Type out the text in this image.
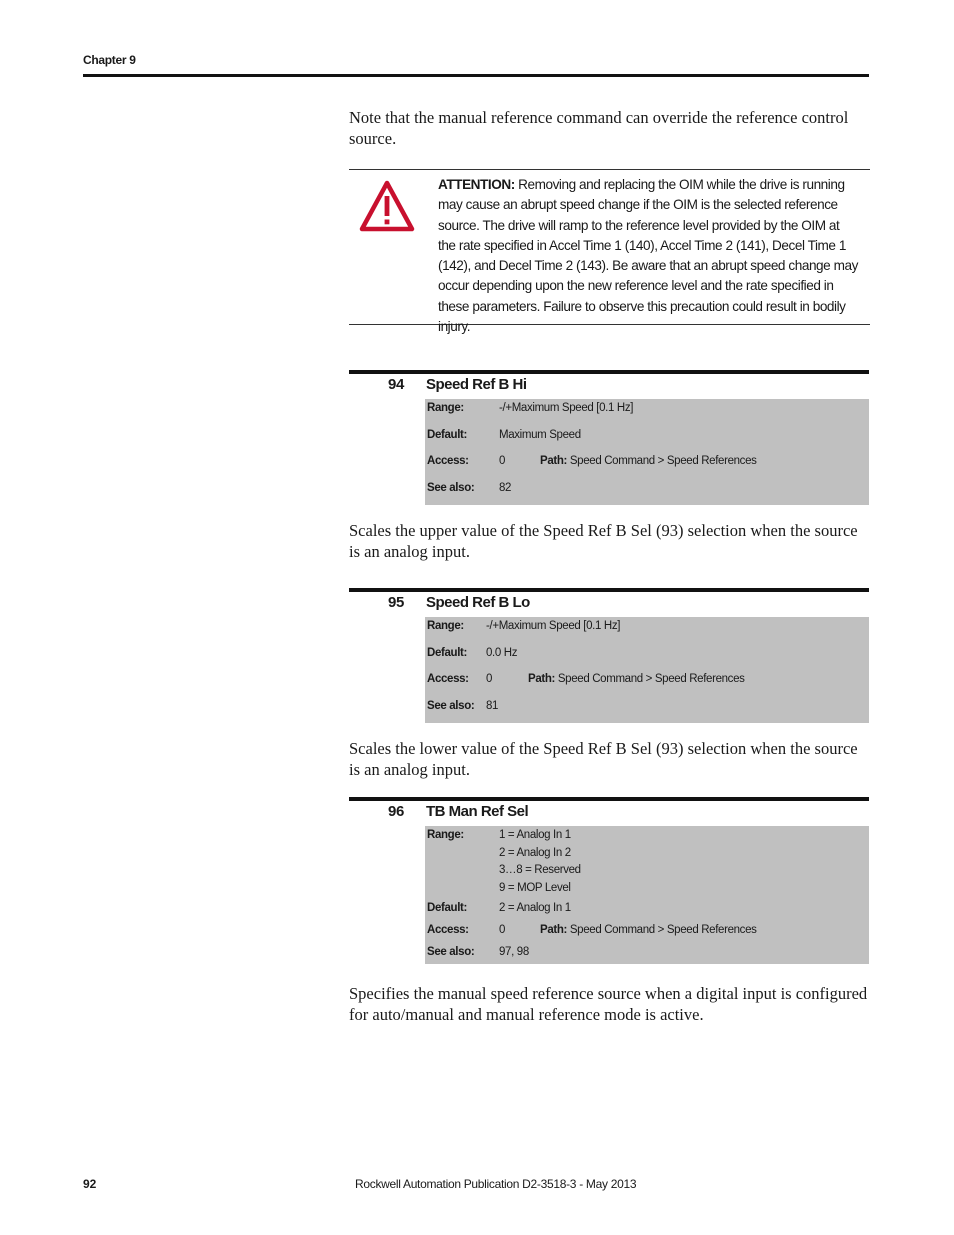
Chapter 9
Note that the manual reference command can override the reference control source.
ATTENTION: Removing and replacing the OIM while the drive is running may cause an abrupt speed change if the OIM is the selected reference source. The drive will ramp to the reference level provided by the OIM at the rate specified in Accel Time 1 (140), Accel Time 2 (141), Decel Time 1 (142), and Decel Time 2 (143). Be aware that an abrupt speed change may occur depending upon the new reference level and the rate specified in these parameters. Failure to observe this precaution could result in bodily injury.
94 Speed Ref B Hi
Range:	-/+Maximum Speed [0.1 Hz]
Default:	Maximum Speed
Access:	0	Path: Speed Command > Speed References
See also: 82
Scales the upper value of the Speed Ref B Sel (93) selection when the source is an analog input.
95 Speed Ref B Lo
Range: -/+Maximum Speed [0.1 Hz]
Default: 0.0 Hz
Access: 0	Path: Speed Command > Speed References
See also: 81
Scales the lower value of the Speed Ref B Sel (93) selection when the source is an analog input.
96 TB Man Ref Sel
Range:	1 = Analog In 1
2 = Analog In 2
3…8 = Reserved
9 = MOP Level
Default:	2 = Analog In 1
Access:	0	Path: Speed Command > Speed References
See also: 97, 98
Specifies the manual speed reference source when a digital input is configured for auto/manual and manual reference mode is active.
92	Rockwell Automation Publication D2-3518-3 - May 2013
